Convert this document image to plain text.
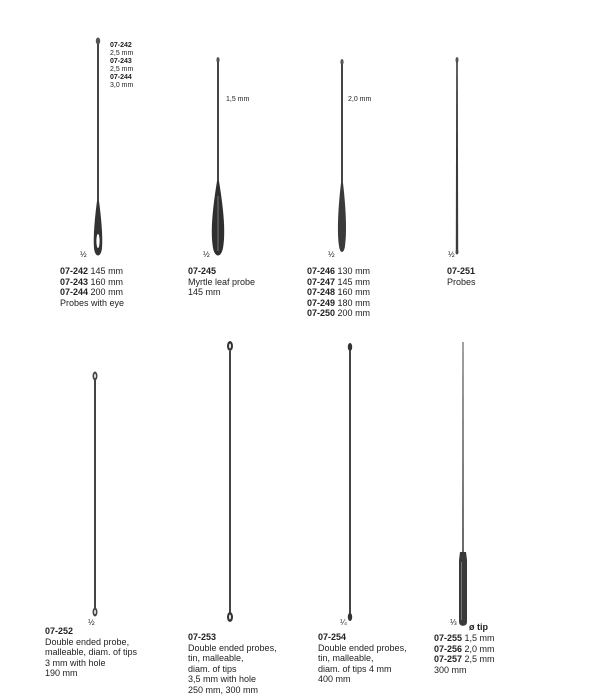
07-242
2,5 mm
07-243
2,5 mm
07-244
3,0 mm
½
07-242 145 mm
07-243 160 mm
07-244 200 mm
Probes with eye
1,5 mm
½
07-245
Myrtle leaf probe
145 mm
2,0 mm
½
07-246 130 mm
07-247 145 mm
07-248 160 mm
07-249 180 mm
07-250 200 mm
½
07-251
Probes
½
07-252
Double ended probe,
malleable, diam. of tips
3 mm with hole
190 mm
07-253
Double ended probes,
tin, malleable,
diam. of tips
3,5 mm with hole
250 mm, 300 mm
¼
07-254
Double ended probes,
tin, malleable,
diam. of tips 4 mm
400 mm
⅓ ø tip
07-255 1,5 mm
07-256 2,0 mm
07-257 2,5 mm
300 mm
